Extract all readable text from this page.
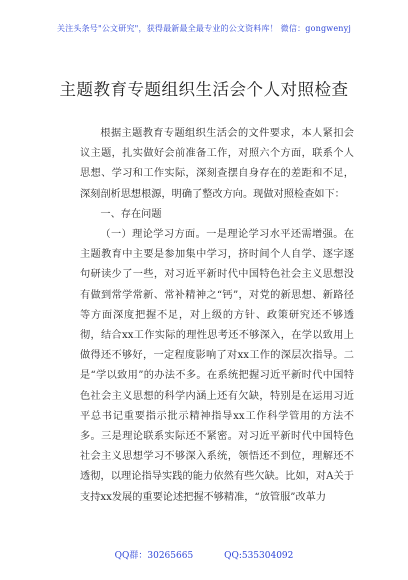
关注头条号"公文研究"，获得最新最全最专业的公文资料库！ 微信：gongwenyj
主题教育专题组织生活会个人对照检查

根据主题教育专题组织生活会的文件要求，本人紧扣会议主题，扎实做好会前准备工作，对照六个方面，联系个人思想、学习和工作实际，深刻查摆自身存在的差距和不足，深刻剖析思想根源，明确了整改方向。现做对照检查如下：

一、存在问题

（一）理论学习方面。一是理论学习水平还需增强。在主题教育中主要是参加集中学习，挤时间个人自学、逐字逐句研读少了一些，对习近平新时代中国特色社会主义思想没有做到常学常新、常补精神之“钙”，对党的新思想、新路径等方面深度把握不足，对上级的方针、政策研究还不够透彻，结合xx工作实际的理性思考还不够深入，在学以致用上做得还不够好，一定程度影响了对xx工作的深层次指导。二是“学以致用”的办法不多。在系统把握习近平新时代中国特色社会主义思想的科学内涵上还有欠缺，特别是在运用习近平总书记重要指示批示精神指导xx工作科学管用的方法不多。三是理论联系实际还不紧密。对习近平新时代中国特色社会主义思想学习不够深入系统，领悟还不到位，理解还不透彻，以理论指导实践的能力依然有些欠缺。比如，对A关于支持xx发展的重要论述把握不够精准，“放管服”改革力

QQ群：30265665	QQ:535304092
